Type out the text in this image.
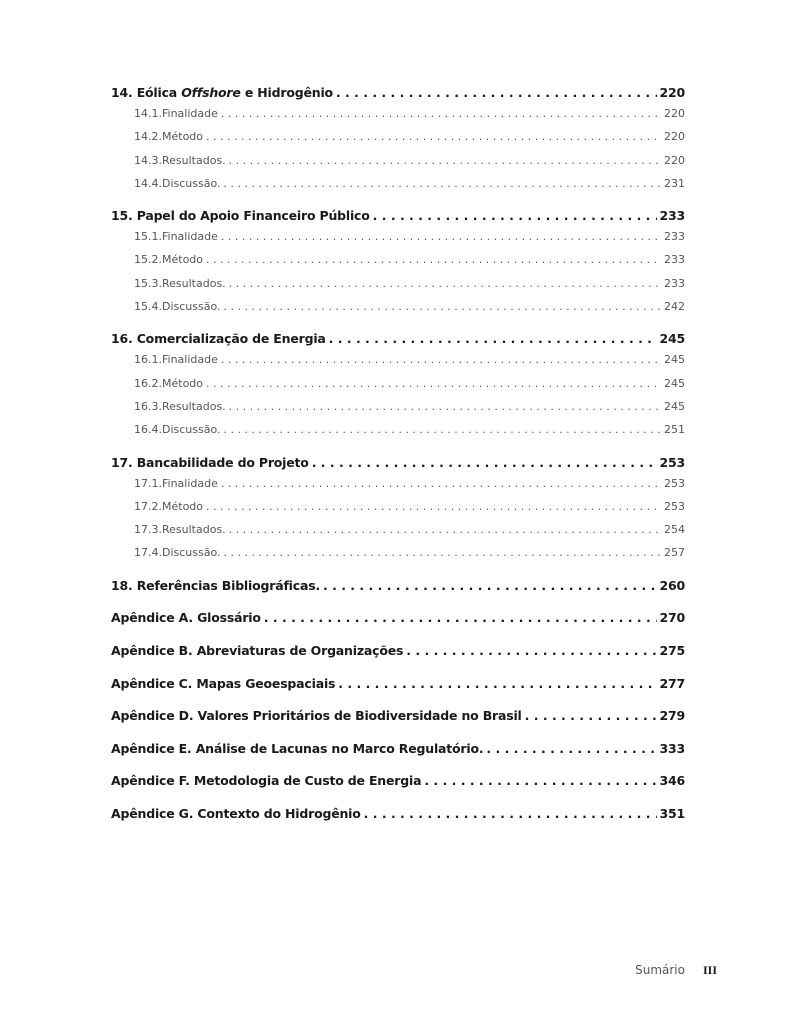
14. Eólica Offshore e Hidrogênio . . .	220
14.1. Finalidade . . .	220
14.2. Método . . .	220
14.3. Resultados. . . .	220
14.4. Discussão. . . .	231
15. Papel do Apoio Financeiro Público . . .	233
15.1. Finalidade . . .	233
15.2. Método . . .	233
15.3. Resultados. . . .	233
15.4. Discussão. . . .	242
16. Comercialização de Energia . . .	245
16.1. Finalidade . . .	245
16.2. Método . . .	245
16.3. Resultados. . . .	245
16.4. Discussão. . . .	251
17. Bancabilidade do Projeto . . .	253
17.1. Finalidade . . .	253
17.2. Método . . .	253
17.3. Resultados. . . .	254
17.4. Discussão. . . .	257
18. Referências Bibliográficas. . . .	260
Apêndice A. Glossário . . .	270
Apêndice B. Abreviaturas de Organizações . . .	275
Apêndice C. Mapas Geoespaciais . . .	277
Apêndice D. Valores Prioritários de Biodiversidade no Brasil . . .	279
Apêndice E. Análise de Lacunas no Marco Regulatório. . . .	333
Apêndice F. Metodologia de Custo de Energia . . .	346
Apêndice G. Contexto do Hidrogênio . . .	351
Sumário III
